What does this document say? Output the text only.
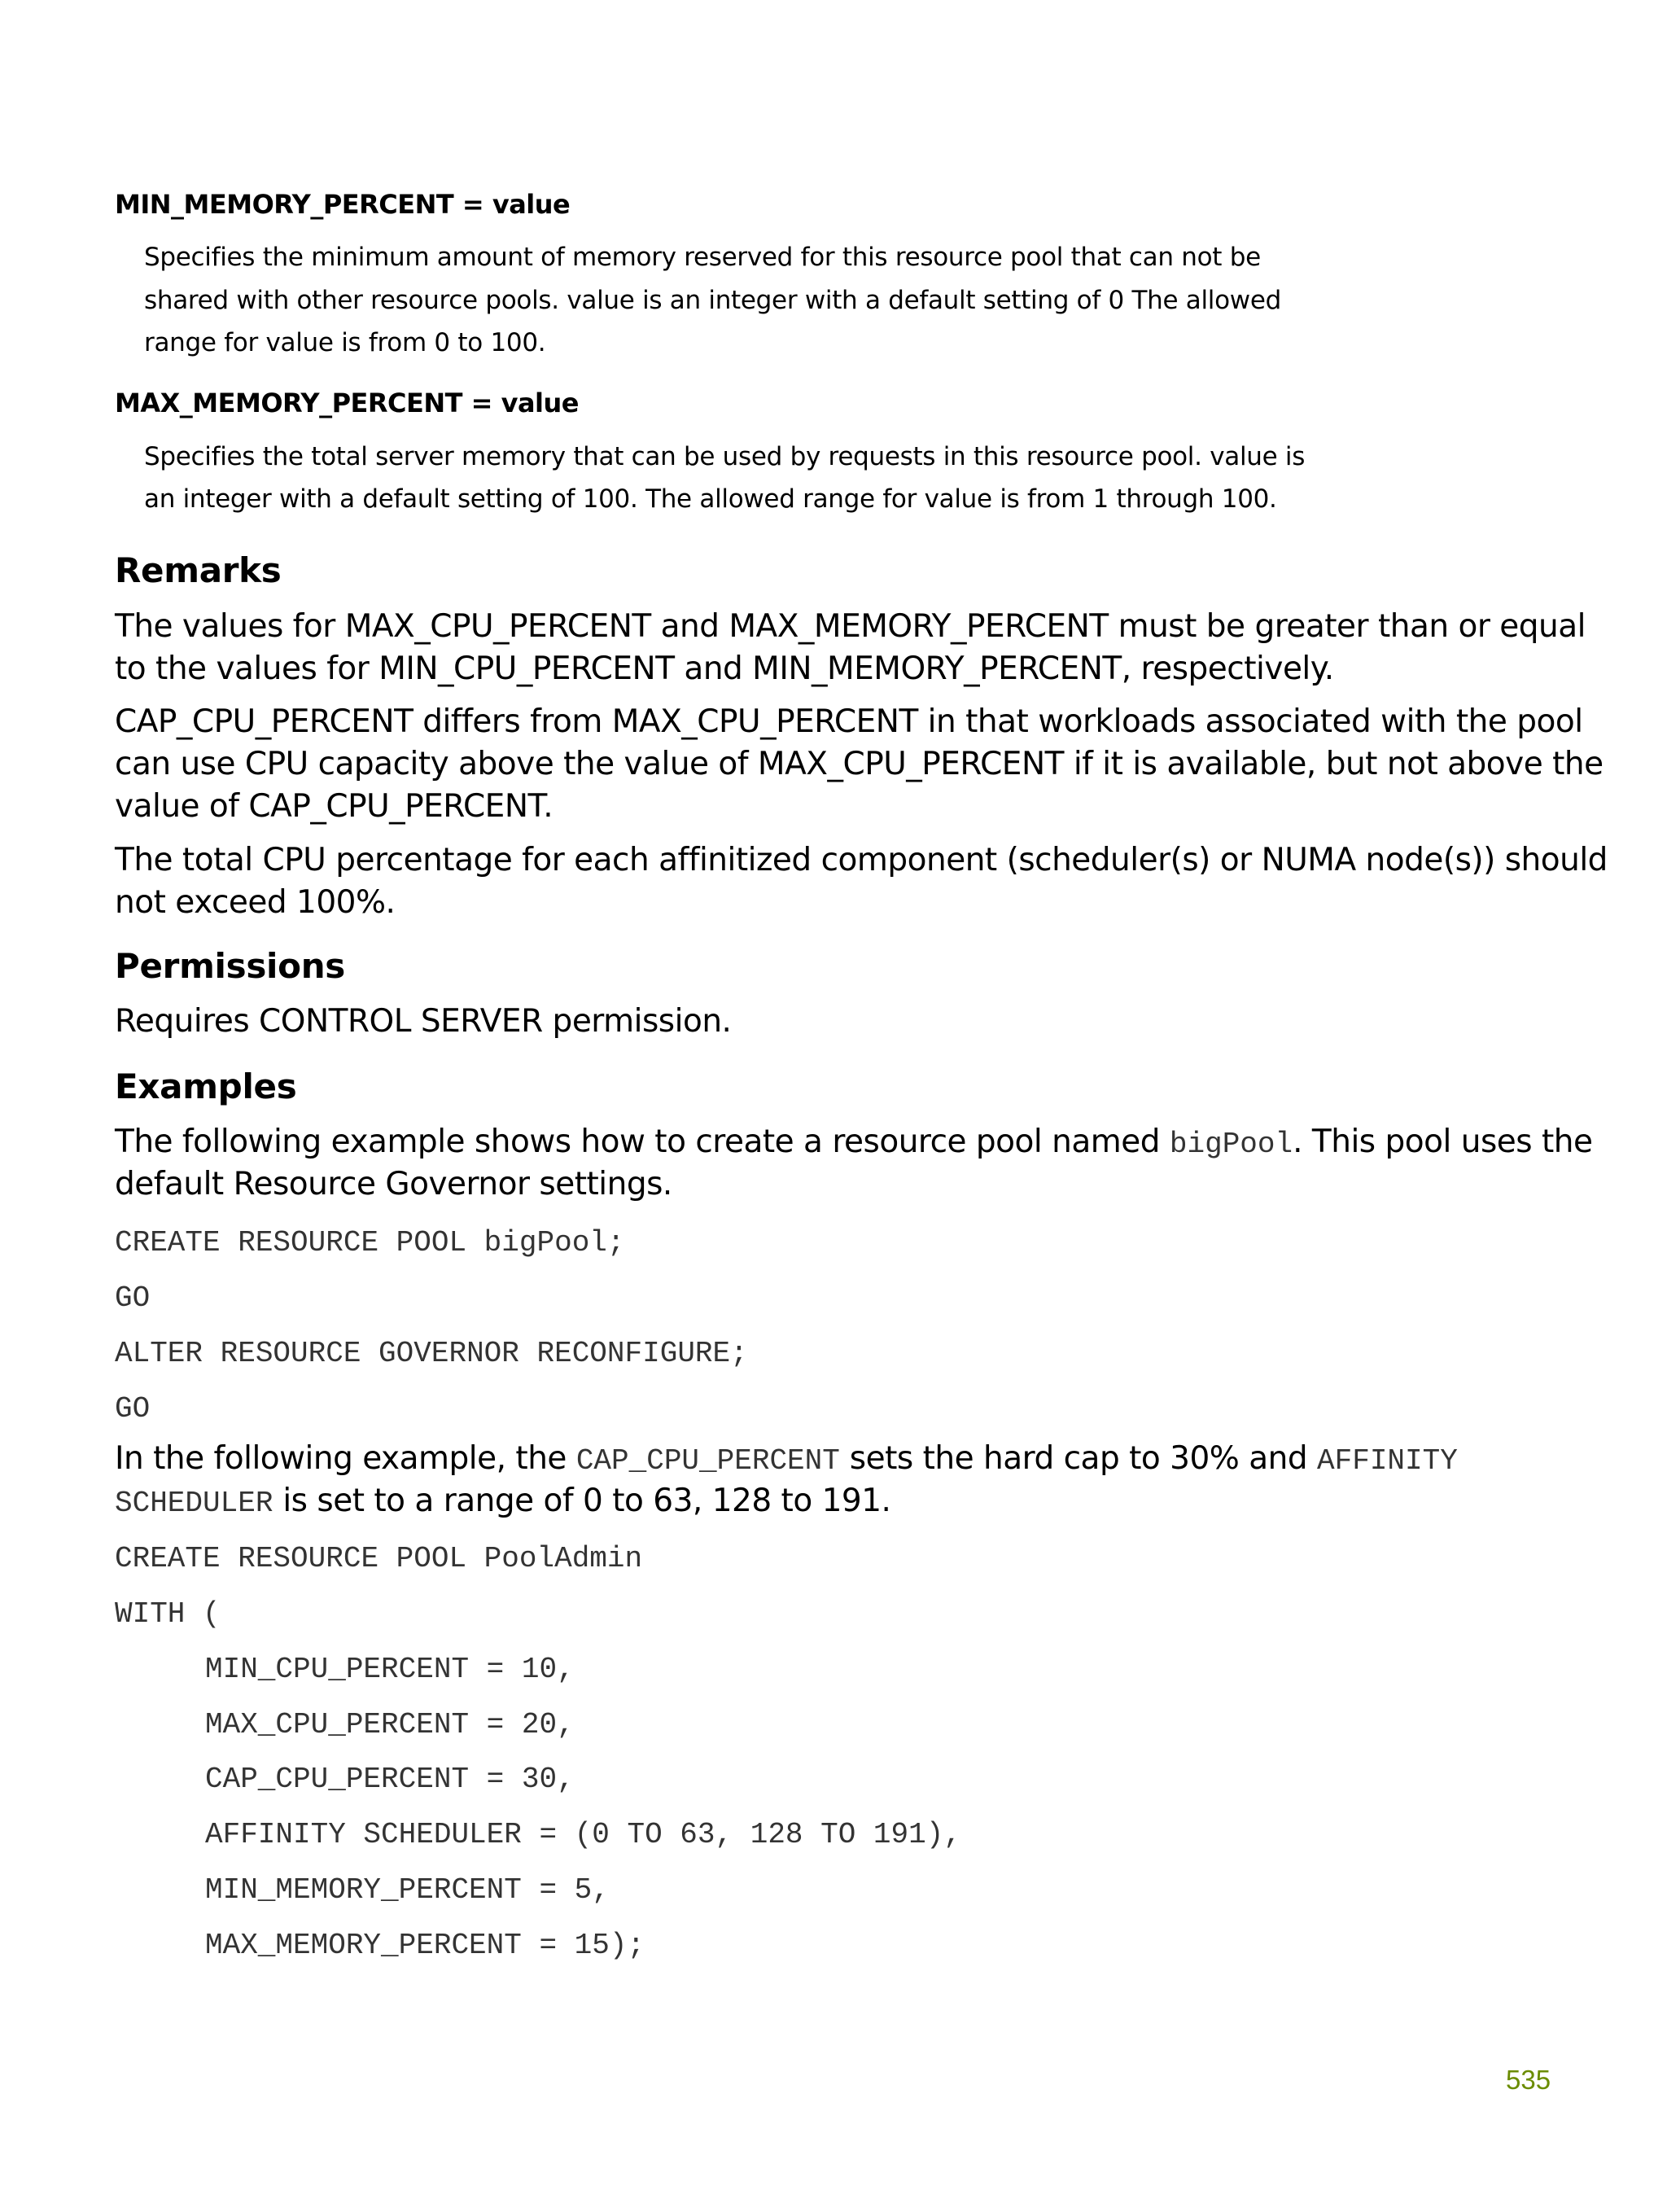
MIN_MEMORY_PERCENT = value

Specifies the minimum amount of memory reserved for this resource pool that can not be

shared with other resource pools. value is an integer with a default setting of 0 The allowed

range for value is from 0 to 100.

MAX_MEMORY_PERCENT = value

Specifies the total server memory that can be used by requests in this resource pool. value is

an integer with a default setting of 100. The allowed range for value is from 1 through 100.

Remarks

The values for MAX_CPU_PERCENT and MAX_MEMORY_PERCENT must be greater than or equal

to the values for MIN_CPU_PERCENT and MIN_MEMORY_PERCENT, respectively.

CAP_CPU_PERCENT differs from MAX_CPU_PERCENT in that workloads associated with the pool

can use CPU capacity above the value of MAX_CPU_PERCENT if it is available, but not above the

value of CAP_CPU_PERCENT.

The total CPU percentage for each affinitized component (scheduler(s) or NUMA node(s)) should

not exceed 100%.

Permissions

Requires CONTROL SERVER permission.

Examples

The following example shows how to create a resource pool named bigPool. This pool uses the

default Resource Governor settings.

CREATE RESOURCE POOL bigPool;

GO

ALTER RESOURCE GOVERNOR RECONFIGURE;

GO

In the following example, the CAP_CPU_PERCENT sets the hard cap to 30% and AFFINITY

SCHEDULER is set to a range of 0 to 63, 128 to 191.

CREATE RESOURCE POOL PoolAdmin

WITH (

MIN_CPU_PERCENT = 10,

MAX_CPU_PERCENT = 20,

CAP_CPU_PERCENT = 30,

AFFINITY SCHEDULER = (0 TO 63, 128 TO 191),

MIN_MEMORY_PERCENT = 5,

MAX_MEMORY_PERCENT = 15);

535
